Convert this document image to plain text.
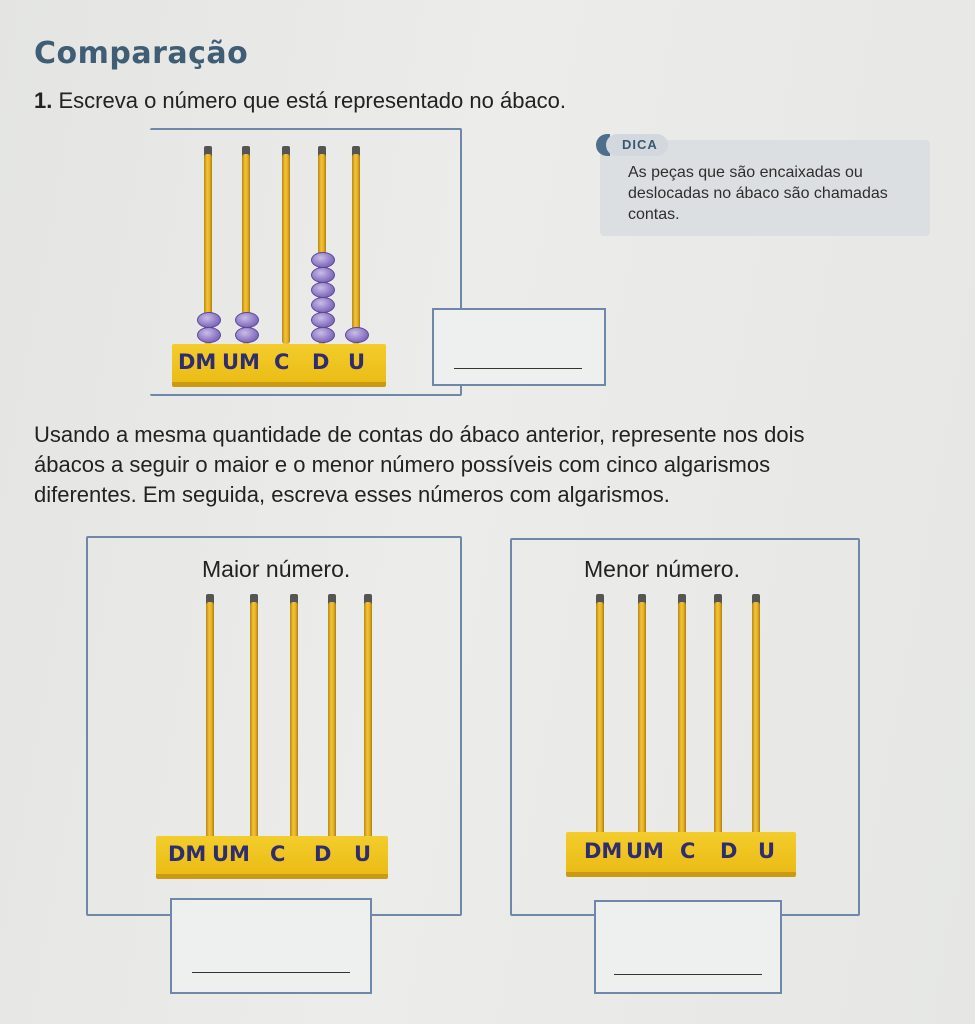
Comparação
1. Escreva o número que está representado no ábaco.
DICA
As peças que são encaixadas ou deslocadas no ábaco são chamadas contas.
DM UM C D U
Usando a mesma quantidade de contas do ábaco anterior, represente nos dois
ábacos a seguir o maior e o menor número possíveis com cinco algarismos
diferentes. Em seguida, escreva esses números com algarismos.
Maior número.
DM UM C D U
Menor número.
DM UM C D U
